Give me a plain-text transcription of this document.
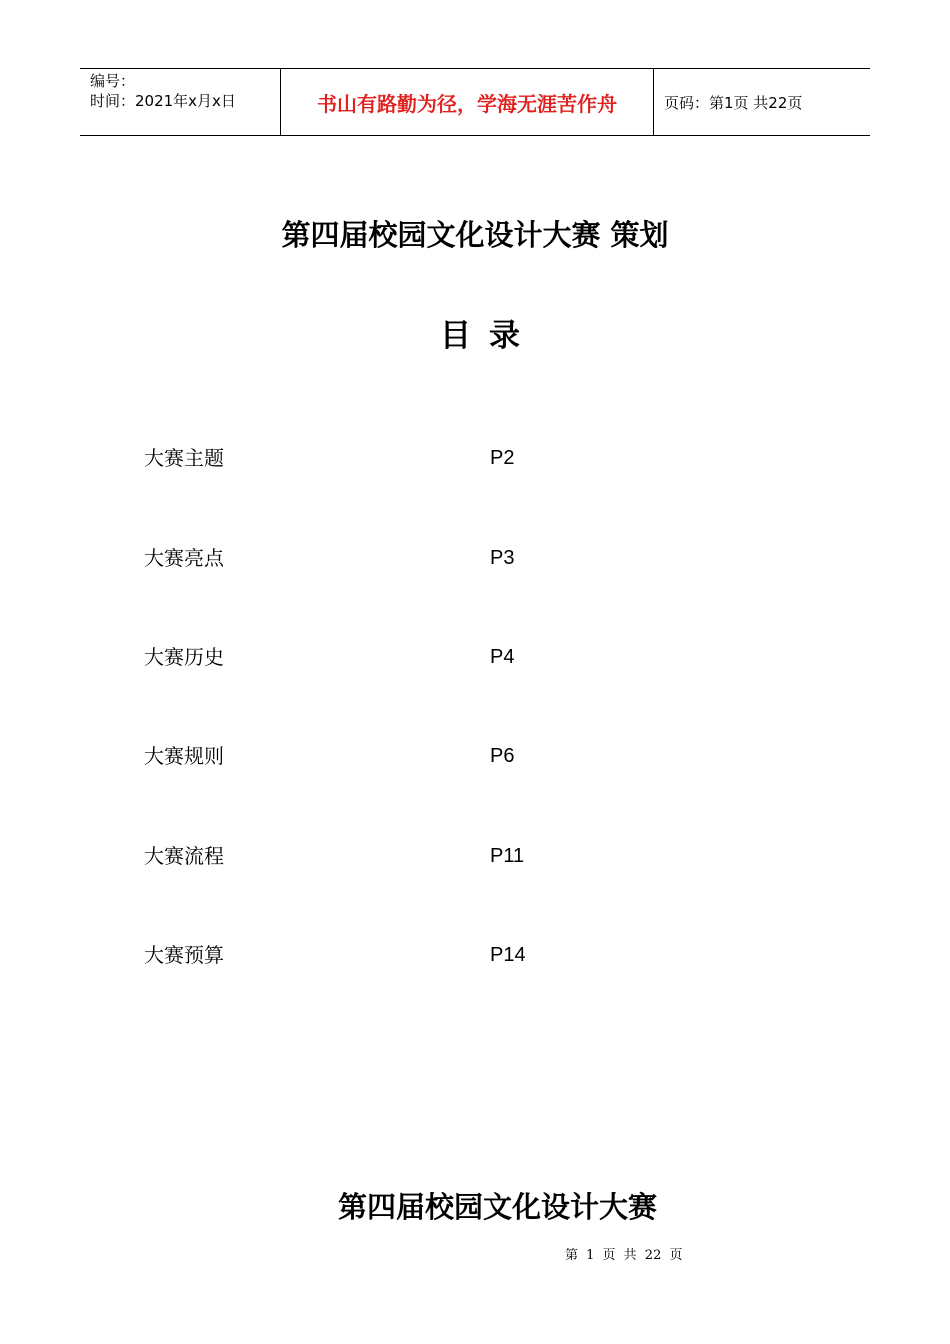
编号：
时间：2021年x月x日	书山有路勤为径，学海无涯苦作舟	页码：第1页 共22页
第四届校园文化设计大赛 策划
目录
大赛主题	P2
大赛亮点	P3
大赛历史	P4
大赛规则	P6
大赛流程	P11
大赛预算	P14
第四届校园文化设计大赛
第 1 页 共 22 页
